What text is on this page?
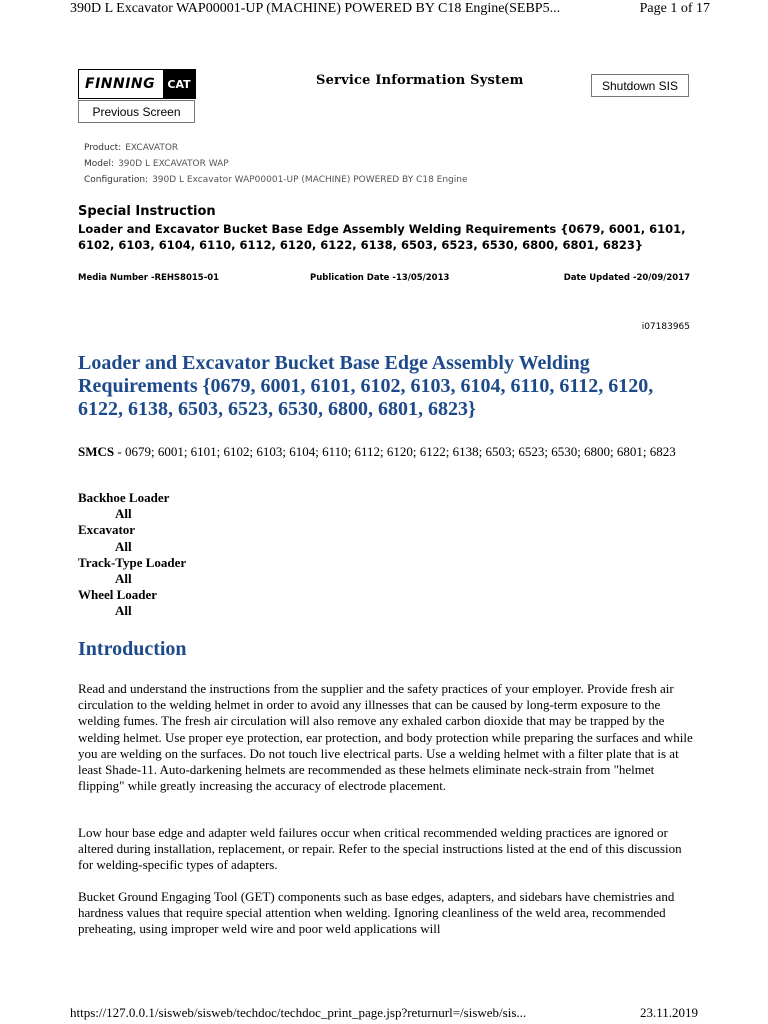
390D L Excavator WAP00001-UP (MACHINE) POWERED BY C18 Engine(SEBP5...	Page 1 of 17
FINNING	CAT	Service Information System	Shutdown SIS
Previous Screen
Product: EXCAVATOR
Model: 390D L EXCAVATOR WAP
Configuration: 390D L Excavator WAP00001-UP (MACHINE) POWERED BY C18 Engine
Special Instruction
Loader and Excavator Bucket Base Edge Assembly Welding Requirements {0679, 6001, 6101, 6102, 6103, 6104, 6110, 6112, 6120, 6122, 6138, 6503, 6523, 6530, 6800, 6801, 6823}
Media Number -REHS8015-01	Publication Date -13/05/2013	Date Updated -20/09/2017
i07183965
Loader and Excavator Bucket Base Edge Assembly Welding Requirements {0679, 6001, 6101, 6102, 6103, 6104, 6110, 6112, 6120, 6122, 6138, 6503, 6523, 6530, 6800, 6801, 6823}
SMCS - 0679; 6001; 6101; 6102; 6103; 6104; 6110; 6112; 6120; 6122; 6138; 6503; 6523; 6530; 6800; 6801; 6823
Backhoe Loader
All
Excavator
All
Track-Type Loader
All
Wheel Loader
All
Introduction
Read and understand the instructions from the supplier and the safety practices of your employer. Provide fresh air circulation to the welding helmet in order to avoid any illnesses that can be caused by long-term exposure to the welding fumes. The fresh air circulation will also remove any exhaled carbon dioxide that may be trapped by the welding helmet. Use proper eye protection, ear protection, and body protection while preparing the surfaces and while you are welding on the surfaces. Do not touch live electrical parts. Use a welding helmet with a filter plate that is at least Shade-11. Auto-darkening helmets are recommended as these helmets eliminate neck-strain from "helmet flipping" while greatly increasing the accuracy of electrode placement.
Low hour base edge and adapter weld failures occur when critical recommended welding practices are ignored or altered during installation, replacement, or repair. Refer to the special instructions listed at the end of this discussion for welding-specific types of adapters.
Bucket Ground Engaging Tool (GET) components such as base edges, adapters, and sidebars have chemistries and hardness values that require special attention when welding. Ignoring cleanliness of the weld area, recommended preheating, using improper weld wire and poor weld applications will
https://127.0.0.1/sisweb/sisweb/techdoc/techdoc_print_page.jsp?returnurl=/sisweb/sis...	23.11.2019
